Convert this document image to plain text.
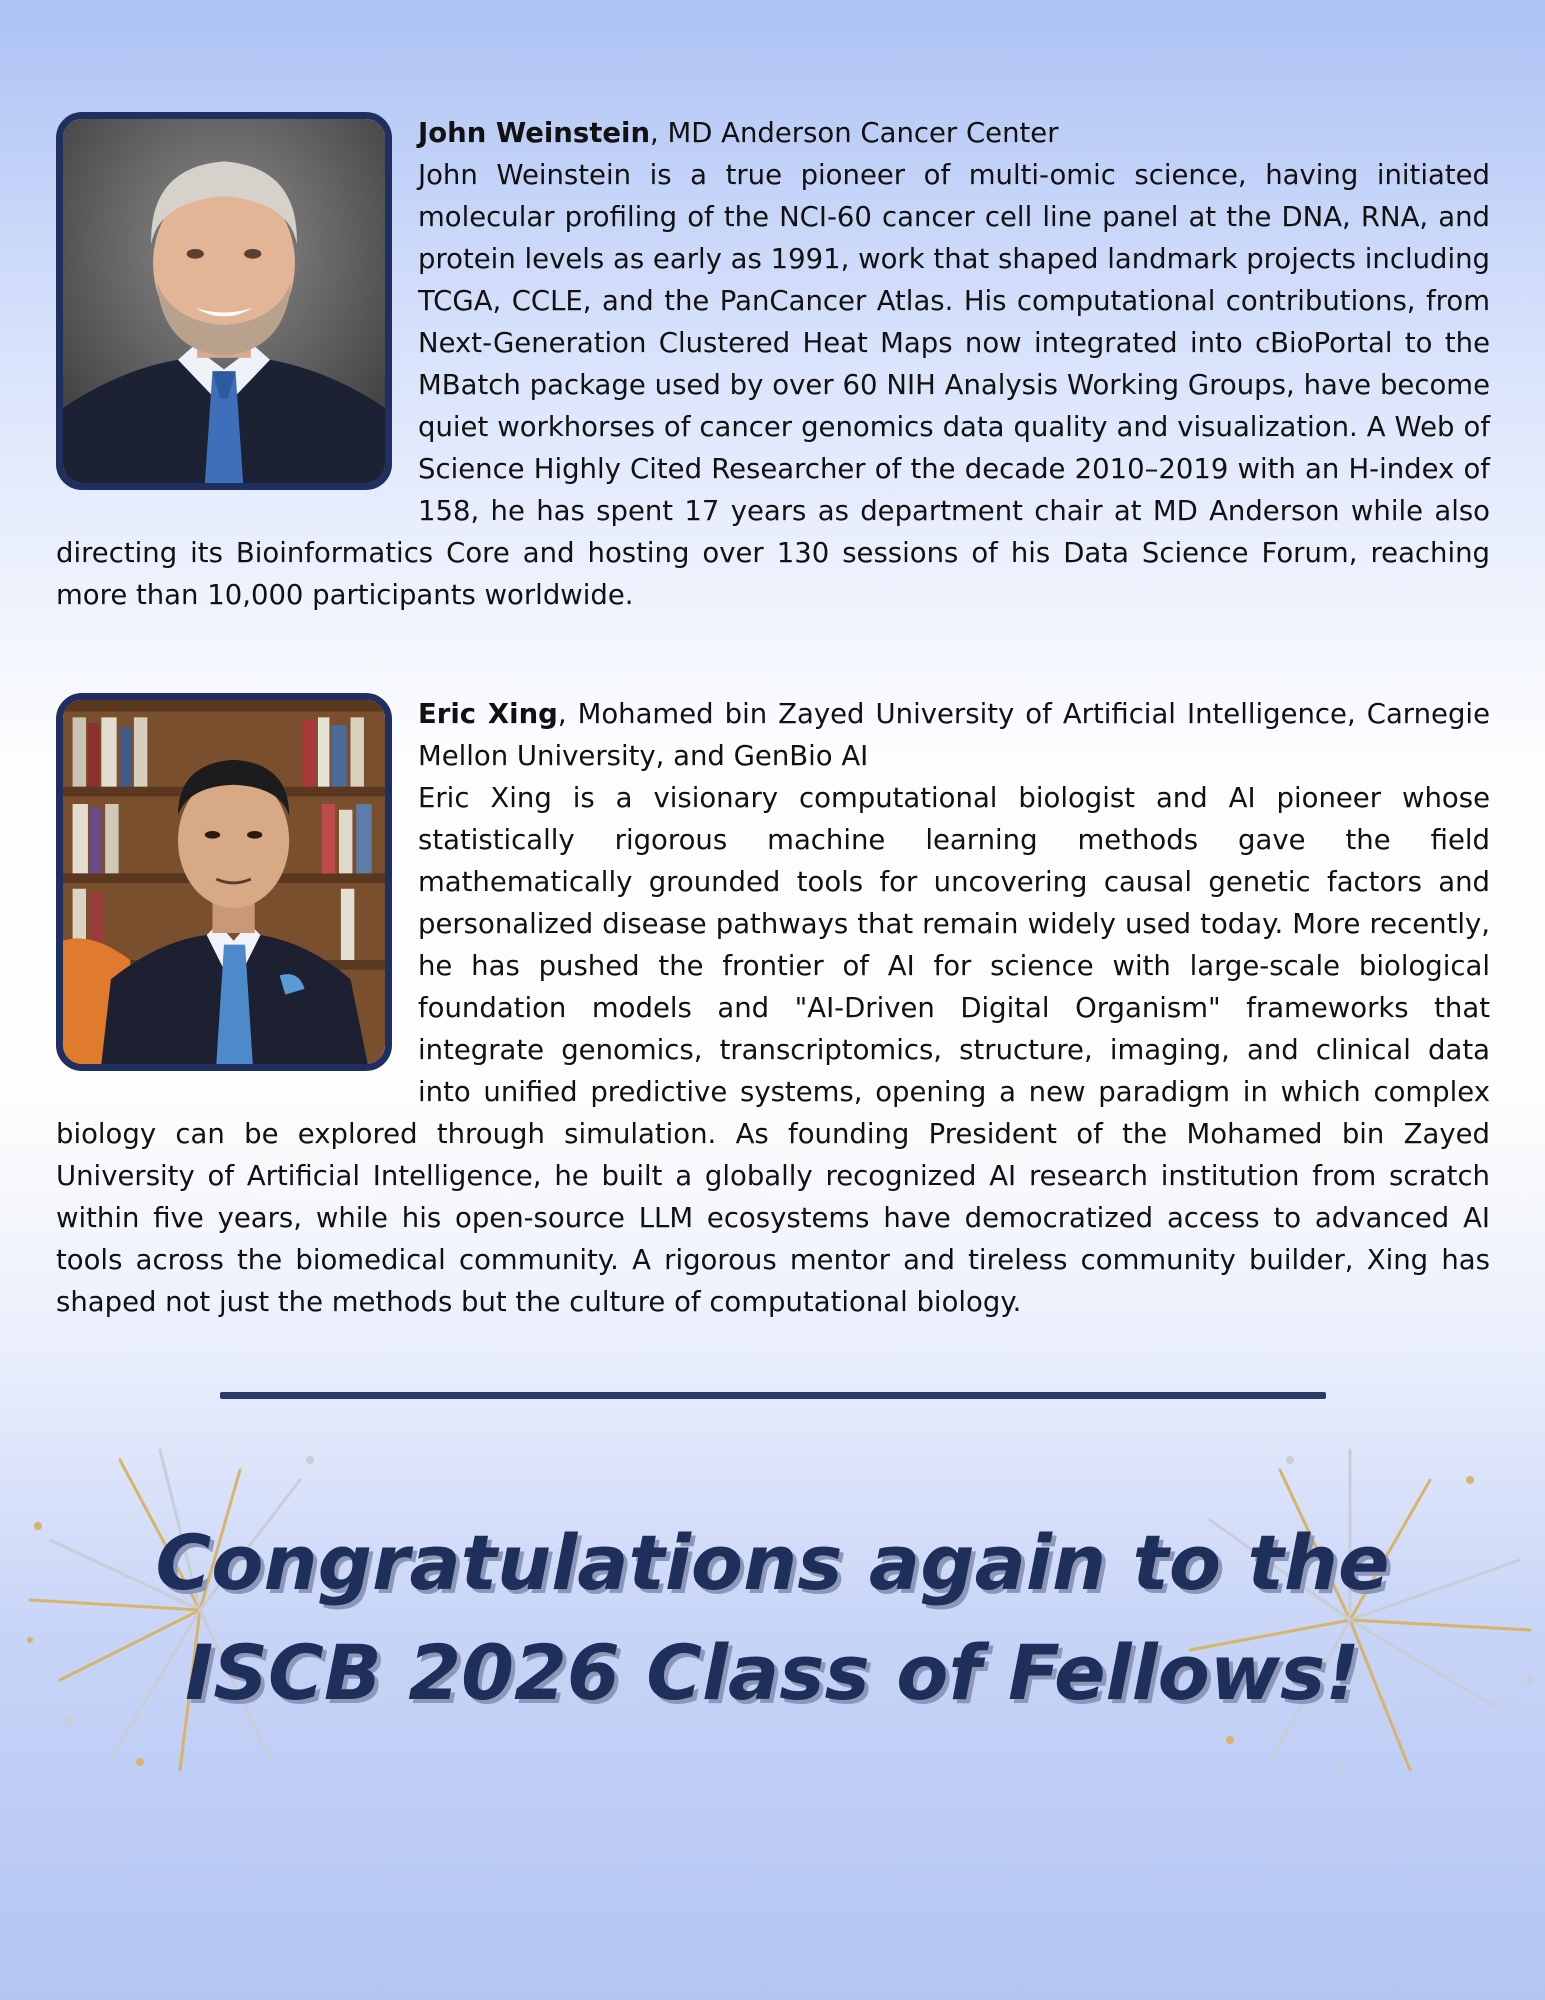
John Weinstein, MD Anderson Cancer Center
John Weinstein is a true pioneer of multi-omic science, having initiated molecular profiling of the NCI-60 cancer cell line panel at the DNA, RNA, and protein levels as early as 1991, work that shaped landmark projects including TCGA, CCLE, and the PanCancer Atlas. His computational contributions, from Next-Generation Clustered Heat Maps now integrated into cBioPortal to the MBatch package used by over 60 NIH Analysis Working Groups, have become quiet workhorses of cancer genomics data quality and visualization. A Web of Science Highly Cited Researcher of the decade 2010–2019 with an H-index of 158, he has spent 17 years as department chair at MD Anderson while also directing its Bioinformatics Core and hosting over 130 sessions of his Data Science Forum, reaching more than 10,000 participants worldwide.
Eric Xing, Mohamed bin Zayed University of Artificial Intelligence, Carnegie Mellon University, and GenBio AI
Eric Xing is a visionary computational biologist and AI pioneer whose statistically rigorous machine learning methods gave the field mathematically grounded tools for uncovering causal genetic factors and personalized disease pathways that remain widely used today. More recently, he has pushed the frontier of AI for science with large-scale biological foundation models and "AI-Driven Digital Organism" frameworks that integrate genomics, transcriptomics, structure, imaging, and clinical data into unified predictive systems, opening a new paradigm in which complex biology can be explored through simulation. As founding President of the Mohamed bin Zayed University of Artificial Intelligence, he built a globally recognized AI research institution from scratch within five years, while his open-source LLM ecosystems have democratized access to advanced AI tools across the biomedical community. A rigorous mentor and tireless community builder, Xing has shaped not just the methods but the culture of computational biology.
Congratulations again to the
ISCB 2026 Class of Fellows!
